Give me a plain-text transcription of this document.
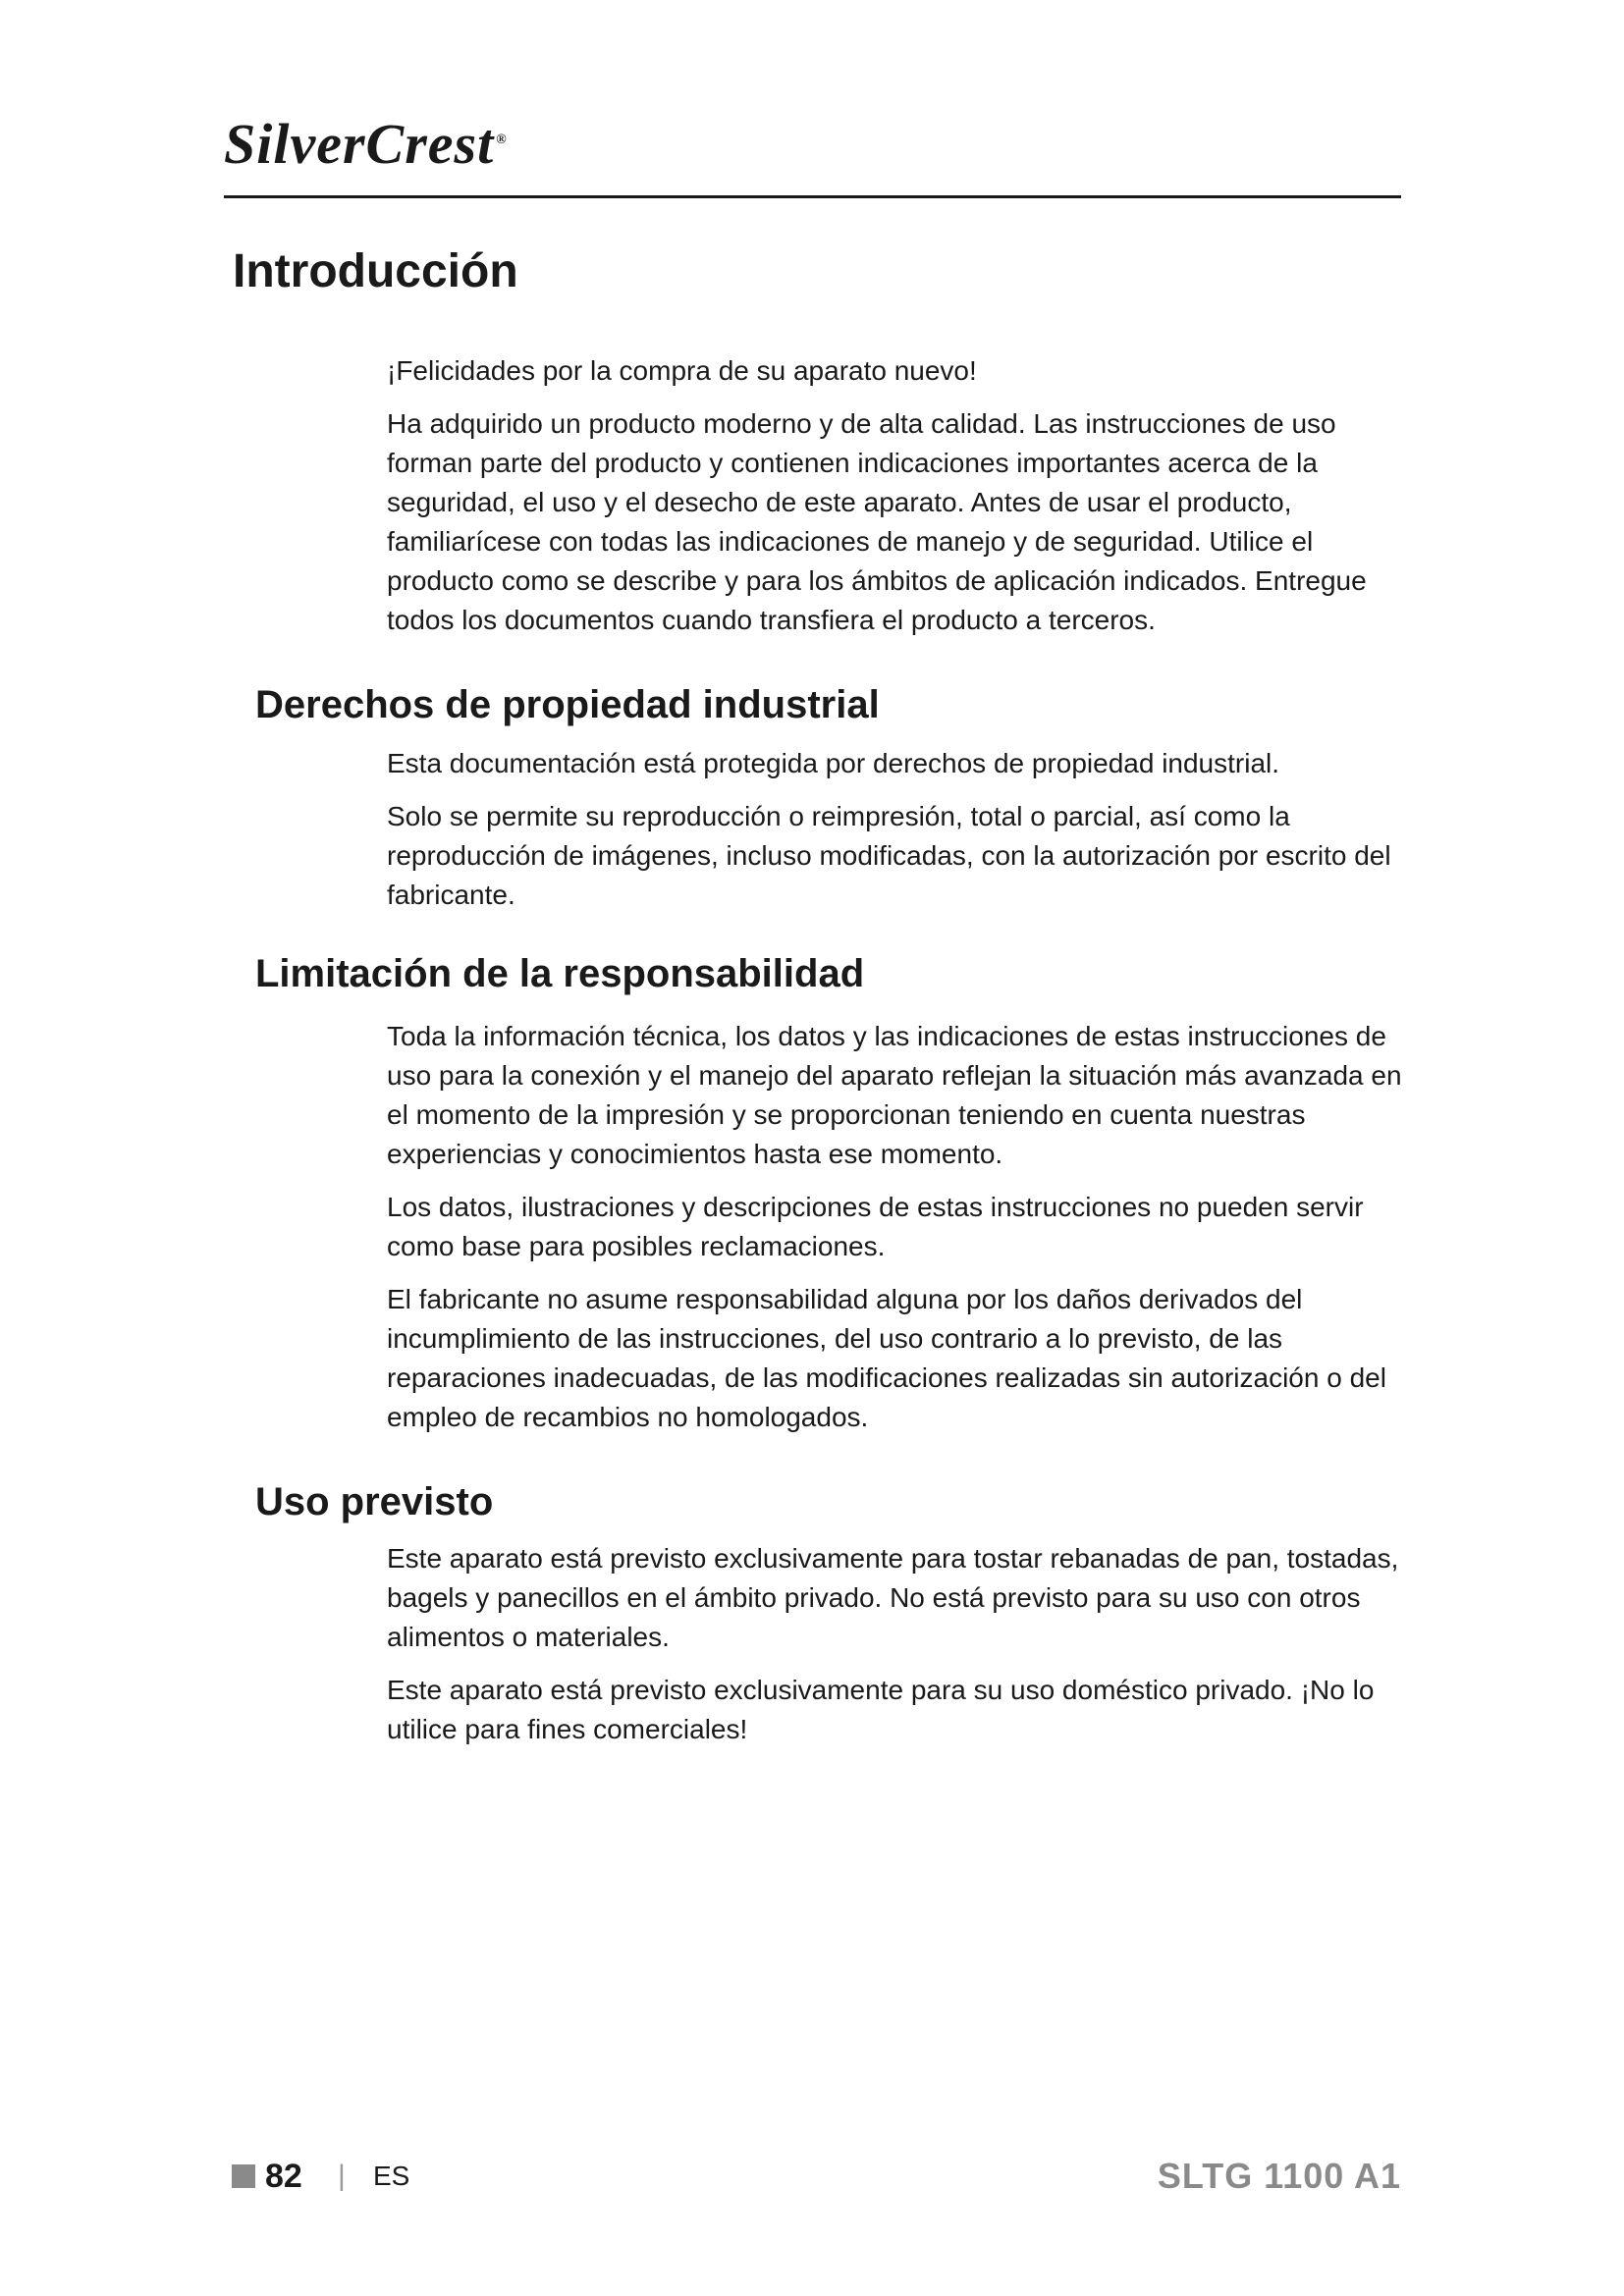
SilverCrest ®
Introducción

¡Felicidades por la compra de su aparato nuevo!

Ha adquirido un producto moderno y de alta calidad. Las instrucciones de uso forman parte del producto y contienen indicaciones importantes acerca de la seguridad, el uso y el desecho de este aparato. Antes de usar el producto, familiarícese con todas las indicaciones de manejo y de seguridad. Utilice el producto como se describe y para los ámbitos de aplicación indicados. Entregue todos los documentos cuando transfiera el producto a terceros.

Derechos de propiedad industrial

Esta documentación está protegida por derechos de propiedad industrial.

Solo se permite su reproducción o reimpresión, total o parcial, así como la reproducción de imágenes, incluso modificadas, con la autorización por escrito del fabricante.

Limitación de la responsabilidad

Toda la información técnica, los datos y las indicaciones de estas instrucciones de uso para la conexión y el manejo del aparato reflejan la situación más avanzada en el momento de la impresión y se proporcionan teniendo en cuenta nuestras experiencias y conocimientos hasta ese momento.

Los datos, ilustraciones y descripciones de estas instrucciones no pueden servir como base para posibles reclamaciones.

El fabricante no asume responsabilidad alguna por los daños derivados del incumplimiento de las instrucciones, del uso contrario a lo previsto, de las reparaciones inadecuadas, de las modificaciones realizadas sin autorización o del empleo de recambios no homologados.

Uso previsto

Este aparato está previsto exclusivamente para tostar rebanadas de pan, tostadas, bagels y panecillos en el ámbito privado. No está previsto para su uso con otros alimentos o materiales.

Este aparato está previsto exclusivamente para su uso doméstico privado. ¡No lo utilice para fines comerciales!

82 | ES	SLTG 1100 A1
